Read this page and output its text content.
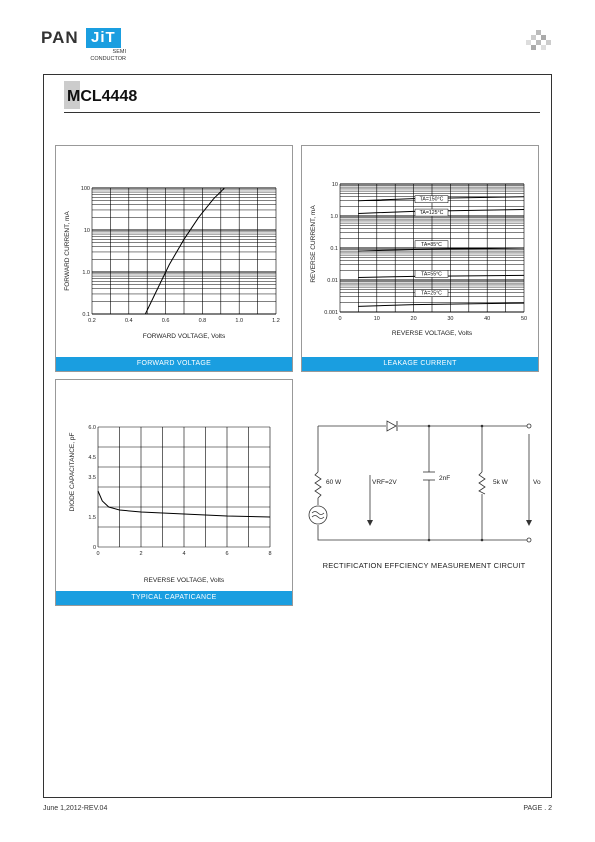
PAN JiT
SEMI
CONDUCTOR
MCL4448
FORWARD CURRENT, mA
FORWARD VOLTAGE, Volts
0.2	0.4	0.6	0.8	1.0	1.2
0.1
1.0
10
100
FORWARD VOLTAGE
REVERSE CURRENT, mA
REVERSE VOLTAGE, Volts
0	10	20	30	40	50
0.001
0.01
0.1
1.0
10
TA=150°C
TA=125°C
TA=85°C
TA=55°C
TA=25°C
LEAKAGE CURRENT
DIODE CAPACITANCE, pF
REVERSE VOLTAGE, Volts
0	2	4	6	8
0
1.5
3.5
4.5
6.0
TYPICAL CAPATICANCE
60 W	VRF=2V
2nF
5k W	Vo
RECTIFICATION EFFCIENCY MEASUREMENT CIRCUIT
June 1,2012-REV.04	PAGE . 2
